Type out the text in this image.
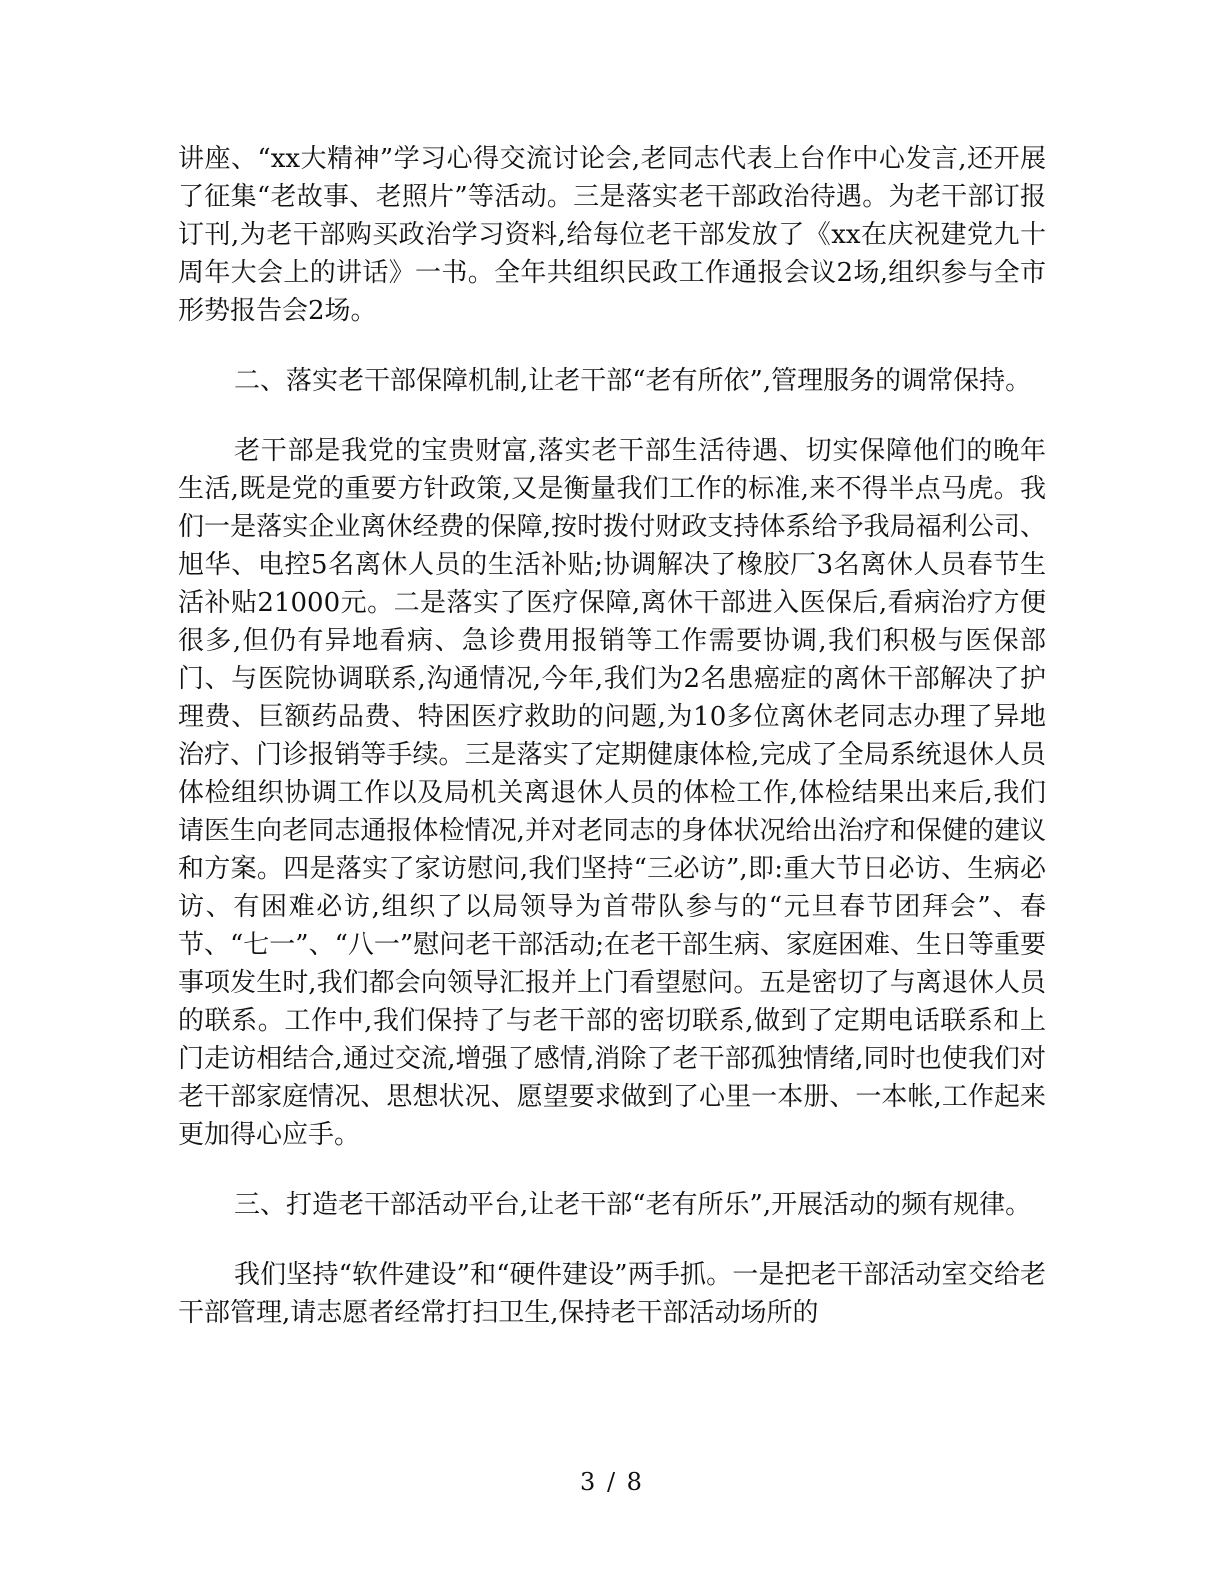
讲座、“xx大精神”学习心得交流讨论会,老同志代表上台作中心发言,还开展了征集“老故事、老照片”等活动。三是落实老干部政治待遇。为老干部订报订刊,为老干部购买政治学习资料,给每位老干部发放了《xx在庆祝建党九十周年大会上的讲话》一书。全年共组织民政工作通报会议2场,组织参与全市形势报告会2场。

二、落实老干部保障机制,让老干部“老有所依”,管理服务的调常保持。

老干部是我党的宝贵财富,落实老干部生活待遇、切实保障他们的晚年生活,既是党的重要方针政策,又是衡量我们工作的标准,来不得半点马虎。我们一是落实企业离休经费的保障,按时拨付财政支持体系给予我局福利公司、旭华、电控5名离休人员的生活补贴;协调解决了橡胶厂3名离休人员春节生活补贴21000元。二是落实了医疗保障,离休干部进入医保后,看病治疗方便很多,但仍有异地看病、急诊费用报销等工作需要协调,我们积极与医保部门、与医院协调联系,沟通情况,今年,我们为2名患癌症的离休干部解决了护理费、巨额药品费、特困医疗救助的问题,为10多位离休老同志办理了异地治疗、门诊报销等手续。三是落实了定期健康体检,完成了全局系统退休人员体检组织协调工作以及局机关离退休人员的体检工作,体检结果出来后,我们请医生向老同志通报体检情况,并对老同志的身体状况给出治疗和保健的建议和方案。四是落实了家访慰问,我们坚持“三必访”,即:重大节日必访、生病必访、有困难必访,组织了以局领导为首带队参与的“元旦春节团拜会”、春节、“七一”、“八一”慰问老干部活动;在老干部生病、家庭困难、生日等重要事项发生时,我们都会向领导汇报并上门看望慰问。五是密切了与离退休人员的联系。工作中,我们保持了与老干部的密切联系,做到了定期电话联系和上门走访相结合,通过交流,增强了感情,消除了老干部孤独情绪,同时也使我们对老干部家庭情况、思想状况、愿望要求做到了心里一本册、一本帐,工作起来更加得心应手。

三、打造老干部活动平台,让老干部“老有所乐”,开展活动的频有规律。

我们坚持“软件建设”和“硬件建设”两手抓。一是把老干部活动室交给老干部管理,请志愿者经常打扫卫生,保持老干部活动场所的

3 / 8
